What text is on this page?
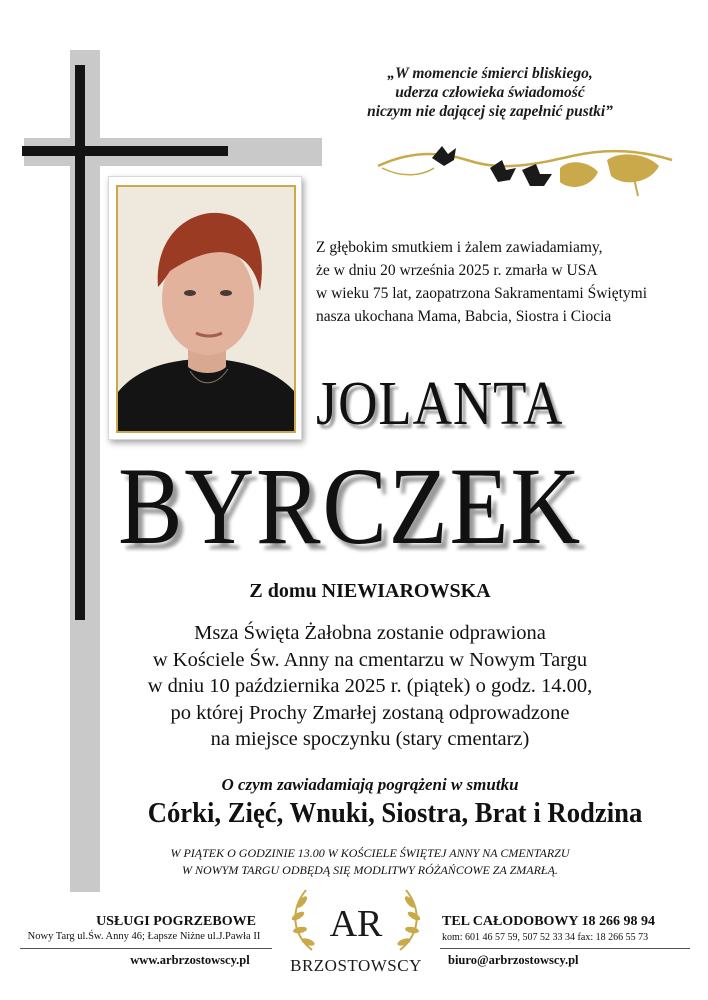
„W momencie śmierci bliskiego,
uderza człowieka świadomość
niczym nie dającej się zapełnić pustki”
Z głębokim smutkiem i żalem zawiadamiamy,
że w dniu 20 września 2025 r. zmarła w USA
w wieku 75 lat, zaopatrzona Sakramentami Świętymi
nasza ukochana Mama, Babcia, Siostra i Ciocia
JOLANTA
BYRCZEK
Z domu NIEWIAROWSKA
Msza Święta Żałobna zostanie odprawiona
w Kościele Św. Anny na cmentarzu w Nowym Targu
w dniu 10 października 2025 r. (piątek) o godz. 14.00,
po której Prochy Zmarłej zostaną odprowadzone
na miejsce spoczynku (stary cmentarz)
O czym zawiadamiają pogrążeni w smutku
Córki, Zięć, Wnuki, Siostra, Brat i Rodzina
W PIĄTEK O GODZINIE 13.00 W KOŚCIELE ŚWIĘTEJ ANNY NA CMENTARZU
W NOWYM TARGU ODBĘDĄ SIĘ MODLITWY RÓŻAŃCOWE ZA ZMARŁĄ.
USŁUGI POGRZEBOWE
Nowy Targ ul.Św. Anny 46; Łapsze Niżne ul.J.Pawła II
www.arbrzostowscy.pl
TEL CAŁODOBOWY 18 266 98 94
kom: 601 46 57 59, 507 52 33 34 fax: 18 266 55 73
biuro@arbrzostowscy.pl
AR
BRZOSTOWSCY
